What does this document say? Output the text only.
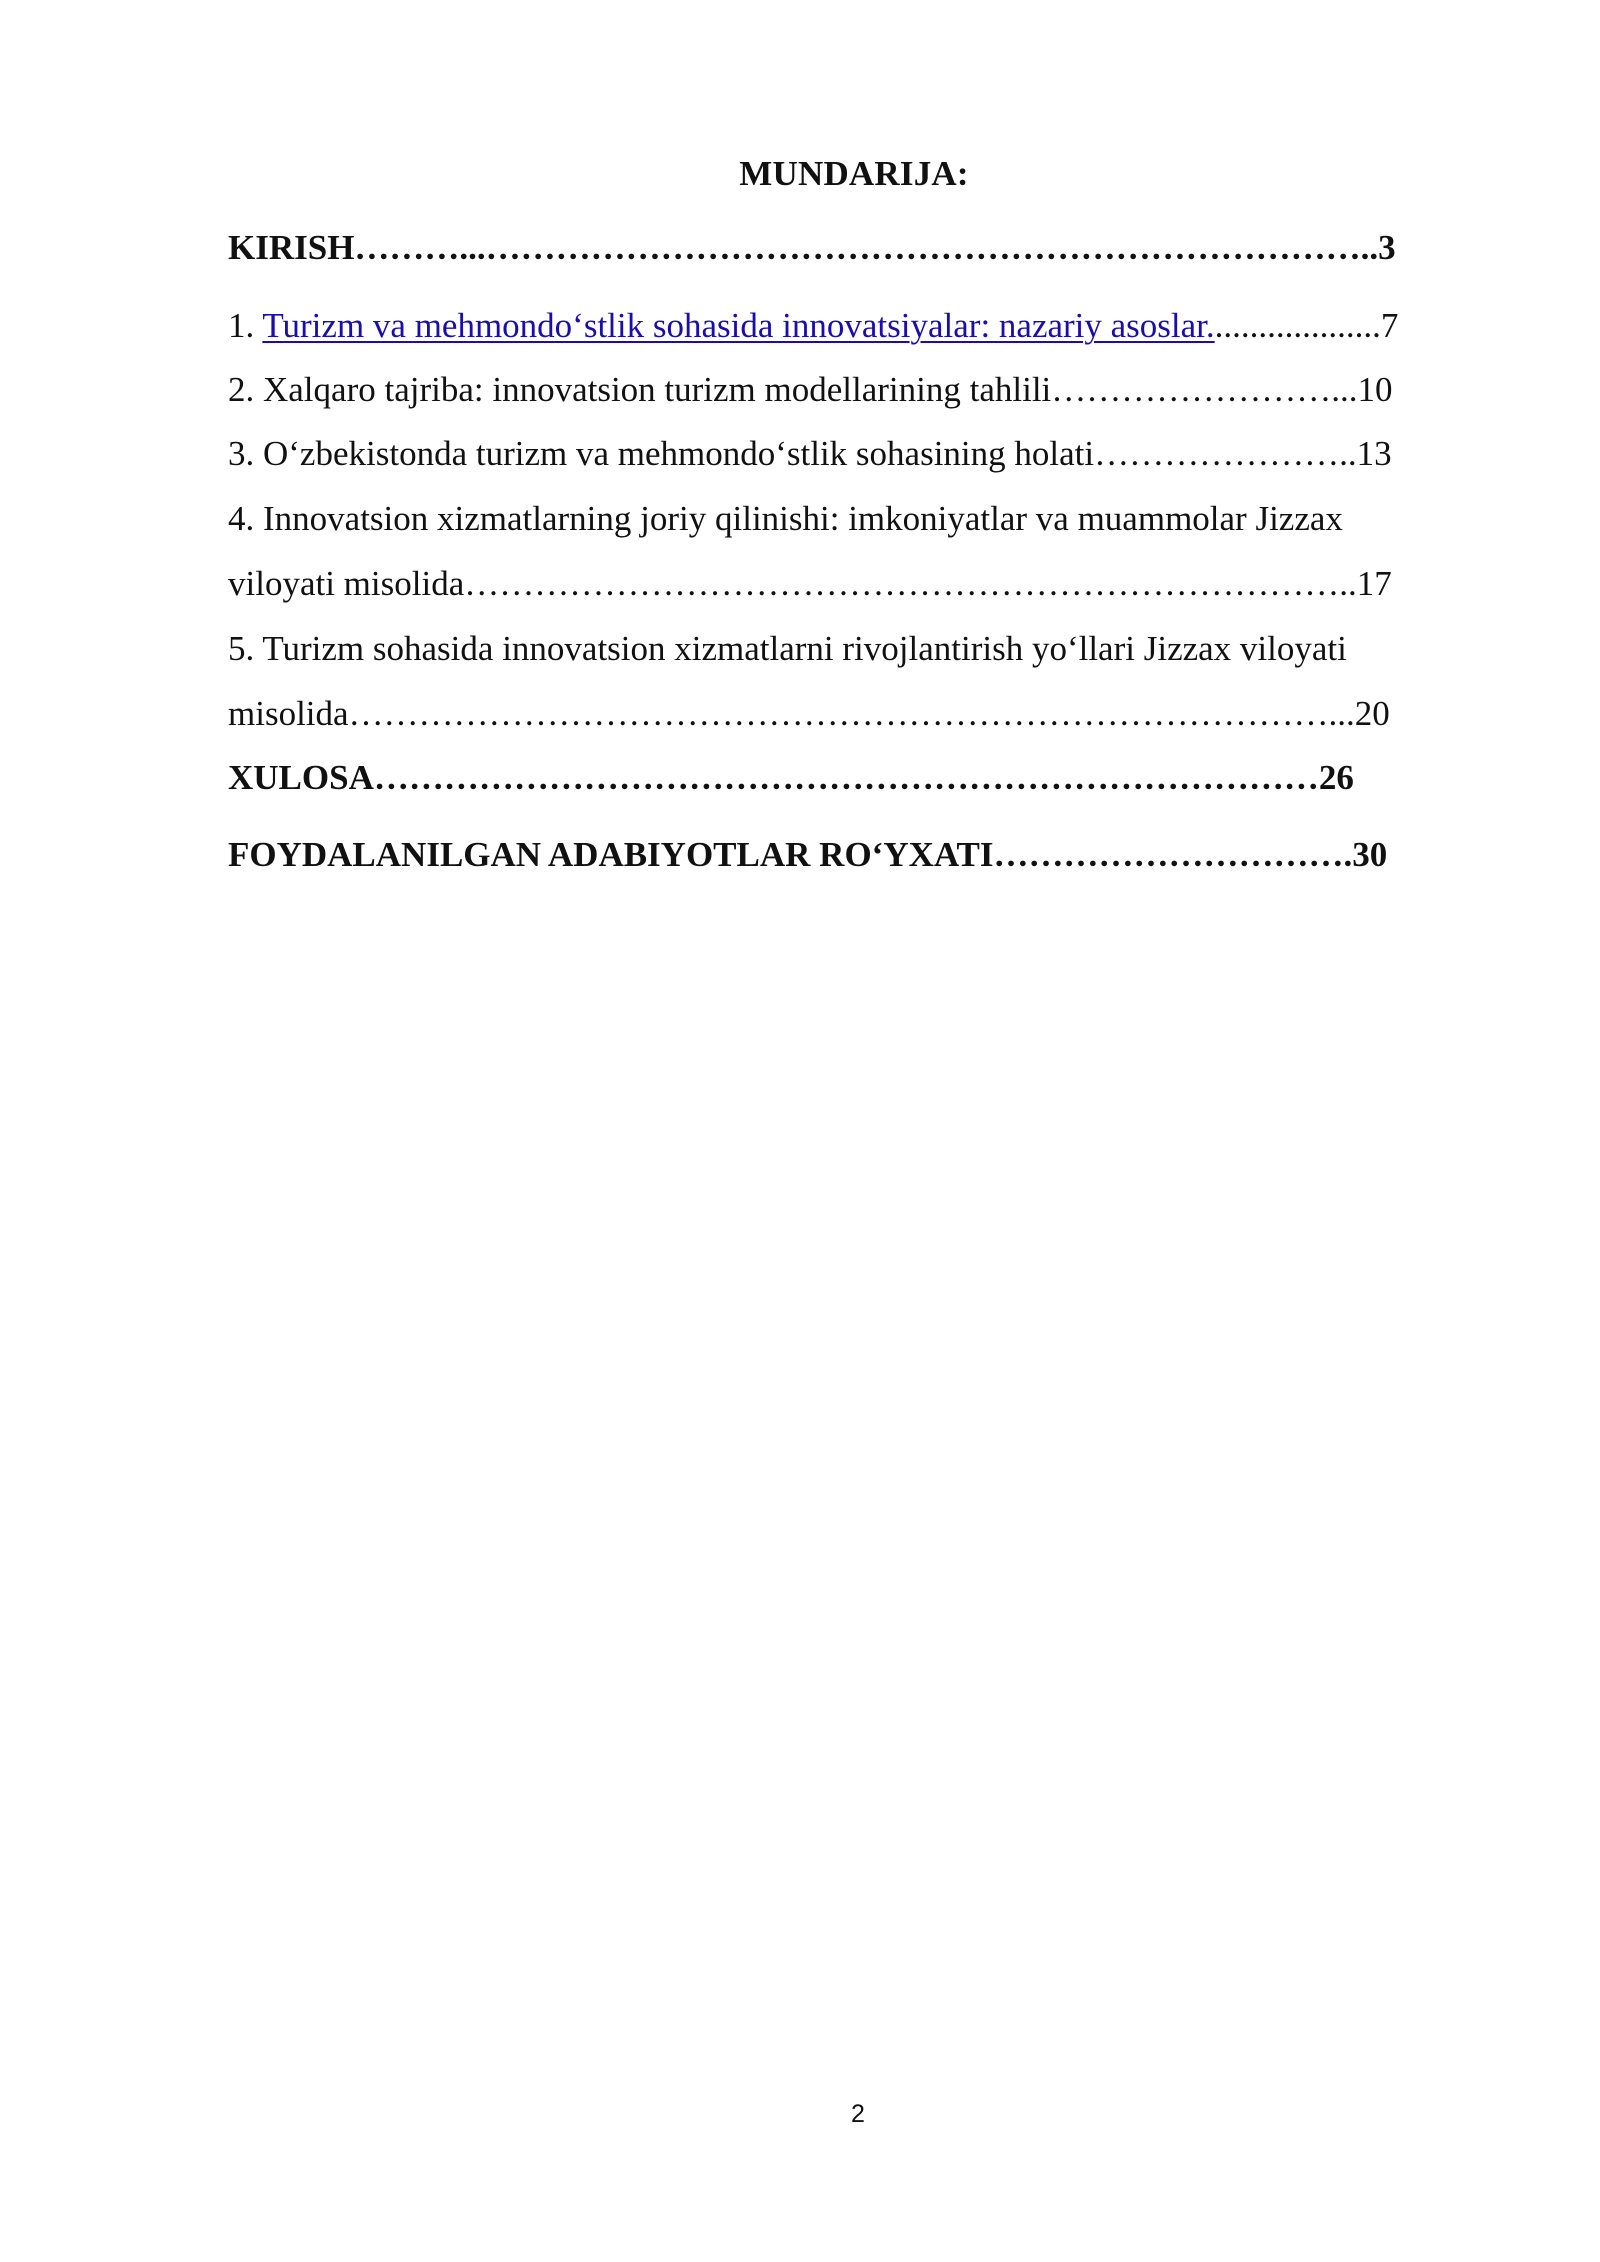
MUNDARIJA:
KIRISH………...…………………………………………………………………..3
1. Turizm va mehmondo‘stlik sohasida innovatsiyalar: nazariy asoslar....................7
2. Xalqaro tajriba: innovatsion turizm modellarining tahlili……………………...10
3. O‘zbekistonda turizm va mehmondo‘stlik sohasining holati…………………..13
4. Innovatsion xizmatlarning joriy qilinishi: imkoniyatlar va muammolar Jizzax
viloyati misolida…………………………………………………………………..17
5. Turizm sohasida innovatsion xizmatlarni rivojlantirish yo‘llari Jizzax viloyati
misolida…………………………………………………………………………...20
XULOSA………………………………………………………………………26
FOYDALANILGAN ADABIYOTLAR RO‘YXATI………………………….30
2
